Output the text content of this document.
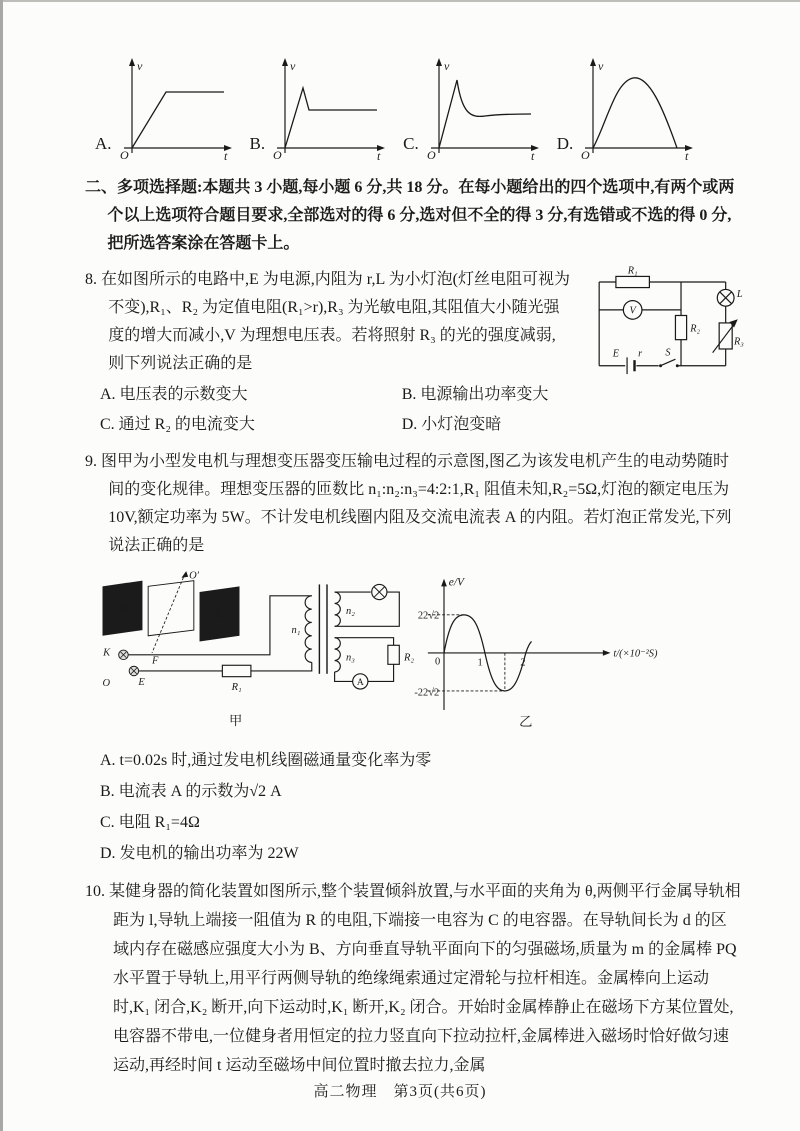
A.
v
t
O
B.
v
t
O
C.
v
t
O
D.
v
t
O

二、多项选择题:本题共 3 小题,每小题 6 分,共 18 分。在每小题给出的四个选项中,有两个或两个以上选项符合题目要求,全部选对的得 6 分,选对但不全的得 3 分,有选错或不选的得 0 分,把所选答案涂在答题卡上。

R₁
V
R₂
L
R₃
E r S

8. 在如图所示的电路中,E 为电源,内阻为 r,L 为小灯泡(灯丝电阻可视为不变),R₁、R₂ 为定值电阻(R₁>r),R₃ 为光敏电阻,其阻值大小随光强度的增大而减小,V 为理想电压表。若将照射 R₃ 的光的强度减弱,则下列说法正确的是

A. 电压表的示数变大	B. 电源输出功率变大
C. 通过 R₂ 的电流变大	D. 小灯泡变暗

9. 图甲为小型发电机与理想变压器变压输电过程的示意图,图乙为该发电机产生的电动势随时间的变化规律。理想变压器的匝数比 n₁:n₂:n₃=4:2:1,R₁ 阻值未知,R₂=5Ω,灯泡的额定电压为 10V,额定功率为 5W。不计发电机线圈内阻及交流电流表 A 的内阻。若灯泡正常发光,下列说法正确的是

N	S
O′
K
O	E
F
R₁
n₁
n₂
A
n₃	R₂
甲
e/V
t/(×10⁻²S)
22√2
-22√2
0	1	2
乙
A. t=0.02s 时,通过发电机线圈磁通量变化率为零
B. 电流表 A 的示数为√2 A
C. 电阻 R₁=4Ω
D. 发电机的输出功率为 22W

10. 某健身器的简化装置如图所示,整个装置倾斜放置,与水平面的夹角为 θ,两侧平行金属导轨相距为 l,导轨上端接一阻值为 R 的电阻,下端接一电容为 C 的电容器。在导轨间长为 d 的区域内存在磁感应强度大小为 B、方向垂直导轨平面向下的匀强磁场,质量为 m 的金属棒 PQ 水平置于导轨上,用平行两侧导轨的绝缘绳索通过定滑轮与拉杆相连。金属棒向上运动时,K₁ 闭合,K₂ 断开,向下运动时,K₁ 断开,K₂ 闭合。开始时金属棒静止在磁场下方某位置处,电容器不带电,一位健身者用恒定的拉力竖直向下拉动拉杆,金属棒进入磁场时恰好做匀速运动,再经时间 t 运动至磁场中间位置时撤去拉力,金属

高二物理　第3页(共6页)
